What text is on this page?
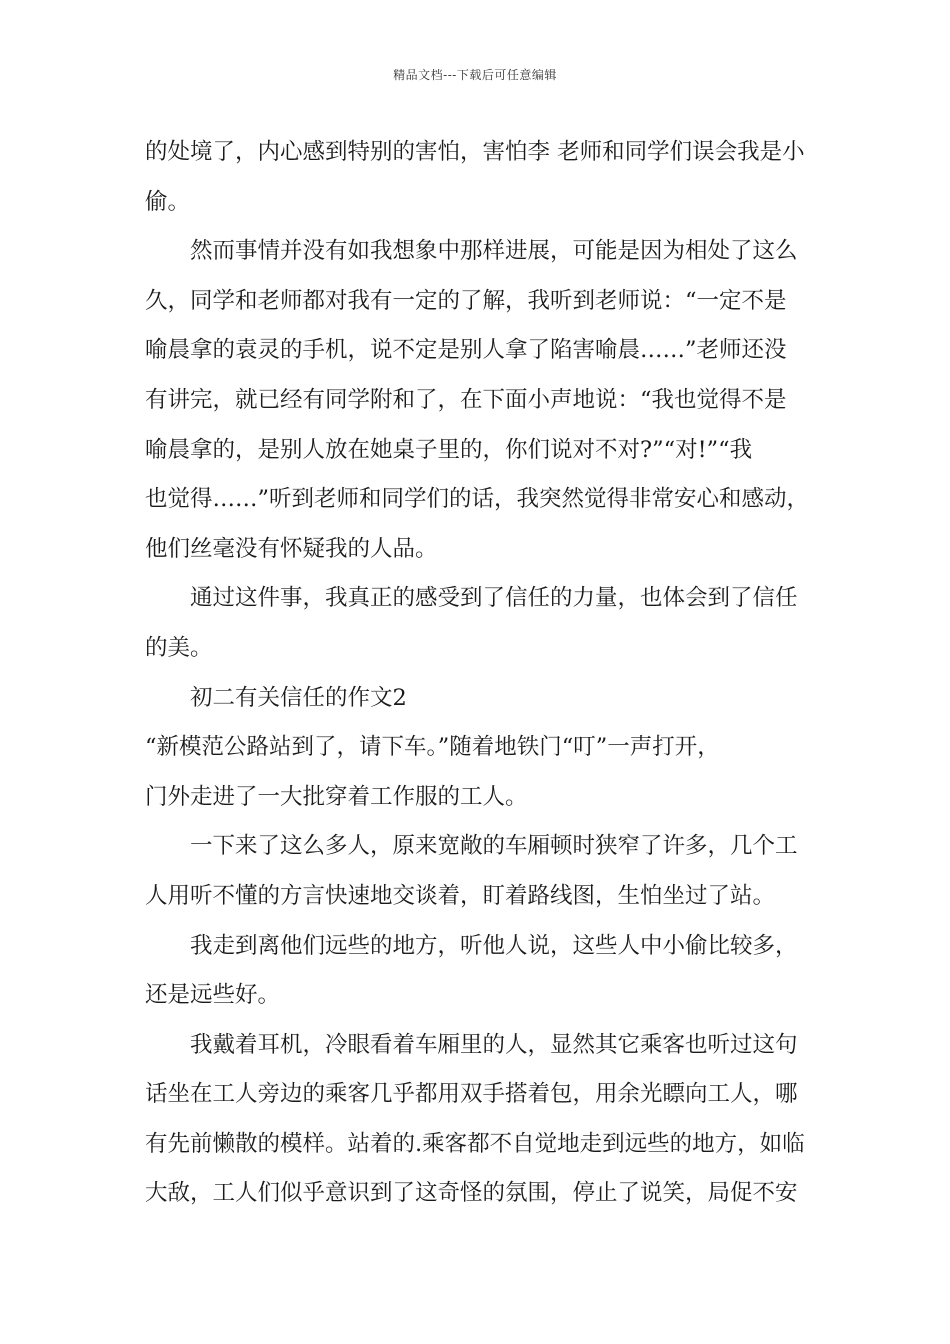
精品文档---下载后可任意编辑
的处境了，内心感到特别的害怕，害怕李 老师和同学们误会我是小
偷。
然而事情并没有如我想象中那样进展，可能是因为相处了这么
久，同学和老师都对我有一定的了解，我听到老师说：“一定不是
喻晨拿的袁灵的手机，说不定是别人拿了陷害喻晨……”老师还没
有讲完，就已经有同学附和了，在下面小声地说：“我也觉得不是
喻晨拿的，是别人放在她桌子里的，你们说对不对?”“对!”“我
也觉得……”听到老师和同学们的话，我突然觉得非常安心和感动，
他们丝毫没有怀疑我的人品。
通过这件事，我真正的感受到了信任的力量，也体会到了信任
的美。
初二有关信任的作文2
“新模范公路站到了，请下车。”随着地铁门“叮”一声打开，
门外走进了一大批穿着工作服的工人。
一下来了这么多人，原来宽敞的车厢顿时狭窄了许多，几个工
人用听不懂的方言快速地交谈着，盯着路线图，生怕坐过了站。
我走到离他们远些的地方，听他人说，这些人中小偷比较多，
还是远些好。
我戴着耳机，冷眼看着车厢里的人，显然其它乘客也听过这句
话坐在工人旁边的乘客几乎都用双手搭着包，用余光瞟向工人，哪
有先前懒散的模样。站着的.乘客都不自觉地走到远些的地方，如临
大敌，工人们似乎意识到了这奇怪的氛围，停止了说笑，局促不安
